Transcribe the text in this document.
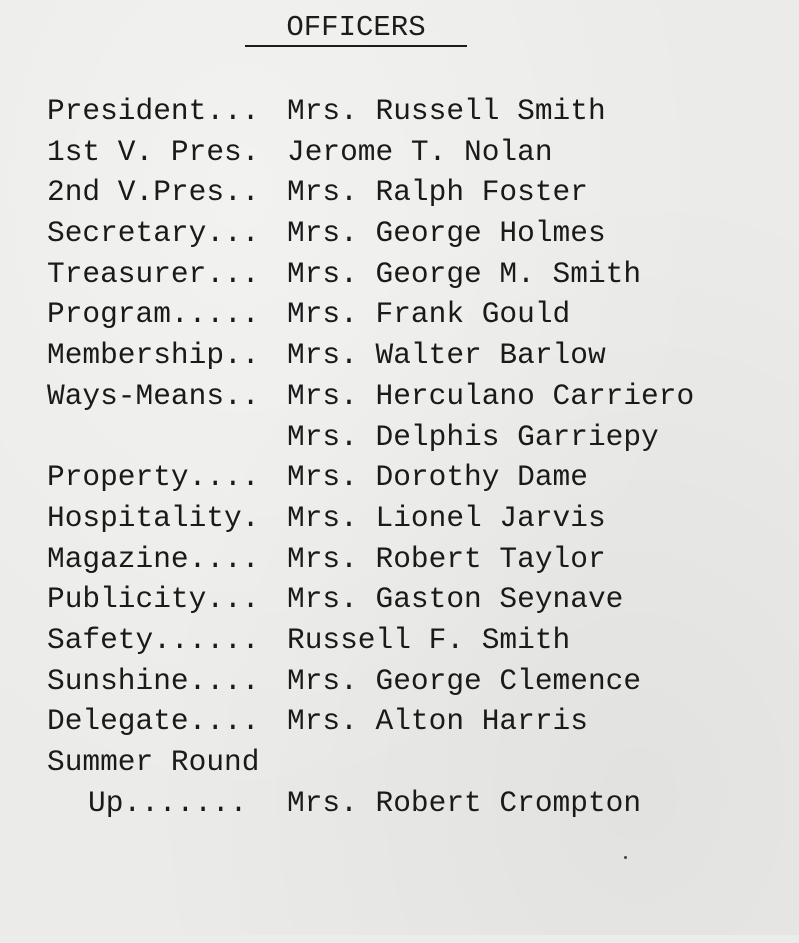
OFFICERS

President...

Mrs. Russell Smith

1st V. Pres.

Jerome T. Nolan

2nd V.Pres..

Mrs. Ralph Foster

Secretary...

Mrs. George Holmes

Treasurer...

Mrs. George M. Smith

Program.....

Mrs. Frank Gould

Membership..

Mrs. Walter Barlow

Ways-Means..

Mrs. Herculano Carriero

Mrs. Delphis Garriepy

Property....

Mrs. Dorothy Dame

Hospitality.

Mrs. Lionel Jarvis

Magazine....

Mrs. Robert Taylor

Publicity...

Mrs. Gaston Seynave

Safety......

Russell F. Smith

Sunshine....

Mrs. George Clemence

Delegate....

Mrs. Alton Harris

Summer Round

Up.......

Mrs. Robert Crompton
